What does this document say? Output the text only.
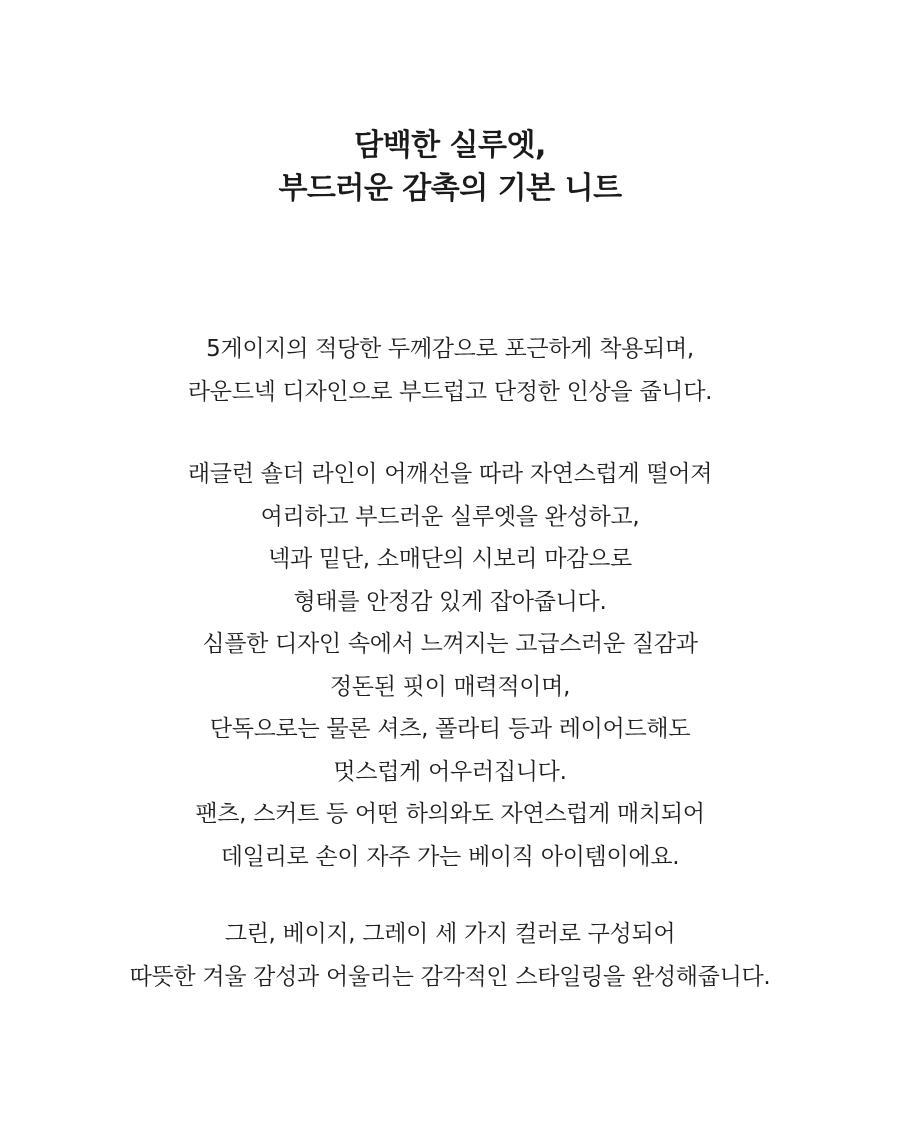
담백한 실루엣,
부드러운 감촉의 기본 니트

5게이지의 적당한 두께감으로 포근하게 착용되며,
라운드넥 디자인으로 부드럽고 단정한 인상을 줍니다.

래글런 숄더 라인이 어깨선을 따라 자연스럽게 떨어져
여리하고 부드러운 실루엣을 완성하고,
넥과 밑단, 소매단의 시보리 마감으로
형태를 안정감 있게 잡아줍니다.
심플한 디자인 속에서 느껴지는 고급스러운 질감과
정돈된 핏이 매력적이며,
단독으로는 물론 셔츠, 폴라티 등과 레이어드해도
멋스럽게 어우러집니다.
팬츠, 스커트 등 어떤 하의와도 자연스럽게 매치되어
데일리로 손이 자주 가는 베이직 아이템이에요.

그린, 베이지, 그레이 세 가지 컬러로 구성되어
따뜻한 겨울 감성과 어울리는 감각적인 스타일링을 완성해줍니다.
